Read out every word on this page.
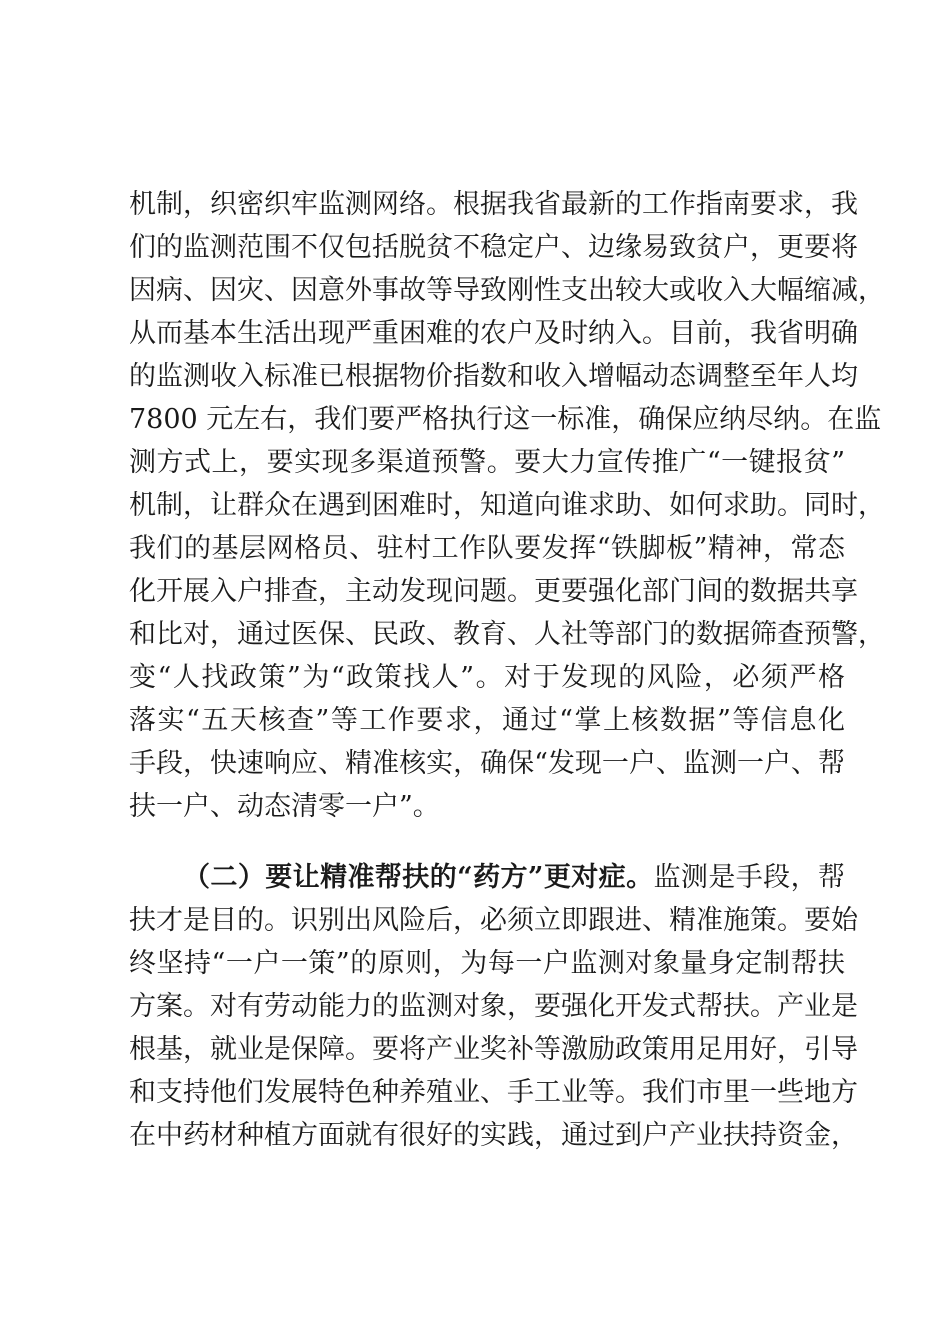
机制，织密织牢监测网络。根据我省最新的工作指南要求，我
们的监测范围不仅包括脱贫不稳定户、边缘易致贫户，更要将
因病、因灾、因意外事故等导致刚性支出较大或收入大幅缩减，
从而基本生活出现严重困难的农户及时纳入。目前，我省明确
的监测收入标准已根据物价指数和收入增幅动态调整至年人均
7800 元左右，我们要严格执行这一标准，确保应纳尽纳。在监
测方式上，要实现多渠道预警。要大力宣传推广“一键报贫”
机制，让群众在遇到困难时，知道向谁求助、如何求助。同时，
我们的基层网格员、驻村工作队要发挥“铁脚板”精神，常态
化开展入户排查，主动发现问题。更要强化部门间的数据共享
和比对，通过医保、民政、教育、人社等部门的数据筛查预警，
变“人找政策”为“政策找人”。对于发现的风险，必须严格
落实“五天核查”等工作要求，通过“掌上核数据”等信息化
手段，快速响应、精准核实，确保“发现一户、监测一户、帮
扶一户、动态清零一户”。
（二）要让精准帮扶的“药方”更对症。监测是手段，帮
扶才是目的。识别出风险后，必须立即跟进、精准施策。要始
终坚持“一户一策”的原则，为每一户监测对象量身定制帮扶
方案。对有劳动能力的监测对象，要强化开发式帮扶。产业是
根基，就业是保障。要将产业奖补等激励政策用足用好，引导
和支持他们发展特色种养殖业、手工业等。我们市里一些地方
在中药材种植方面就有很好的实践，通过到户产业扶持资金，
